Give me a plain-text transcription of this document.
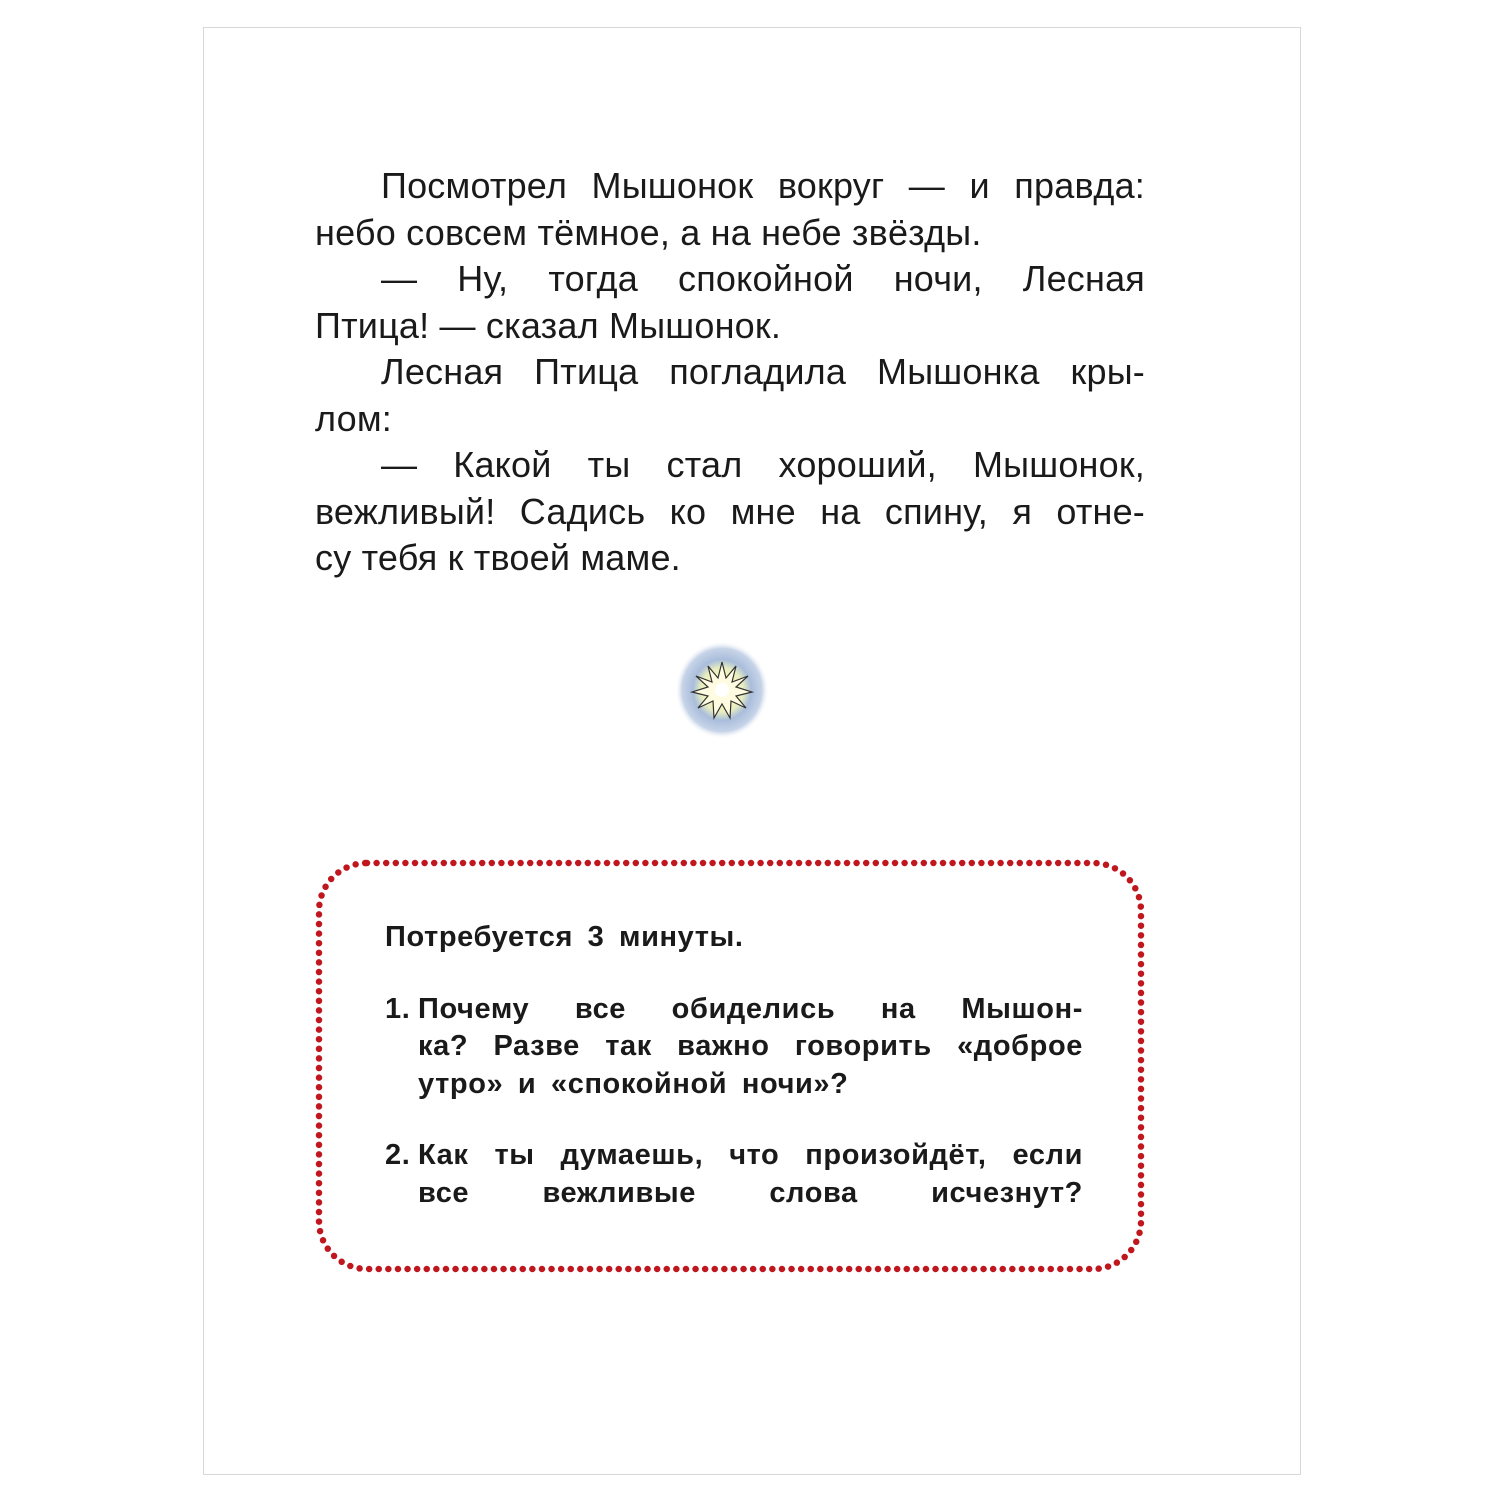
Посмотрел Мышонок вокруг — и правда:
небо совсем тёмное, а на небе звёзды.

— Ну, тогда спокойной ночи, Лесная
Птица! — сказал Мышонок.

Лесная Птица погладила Мышонка кры-
лом:

— Какой ты стал хороший, Мышонок,
вежливый! Садись ко мне на спину, я отне-
су тебя к твоей маме.

Потребуется 3 минуты.
1. Почему все обиделись на Мышон-
ка? Разве так важно говорить «доброе
утро» и «спокойной ночи»?
2. Как ты думаешь, что произойдёт, если
все вежливые слова исчезнут?
